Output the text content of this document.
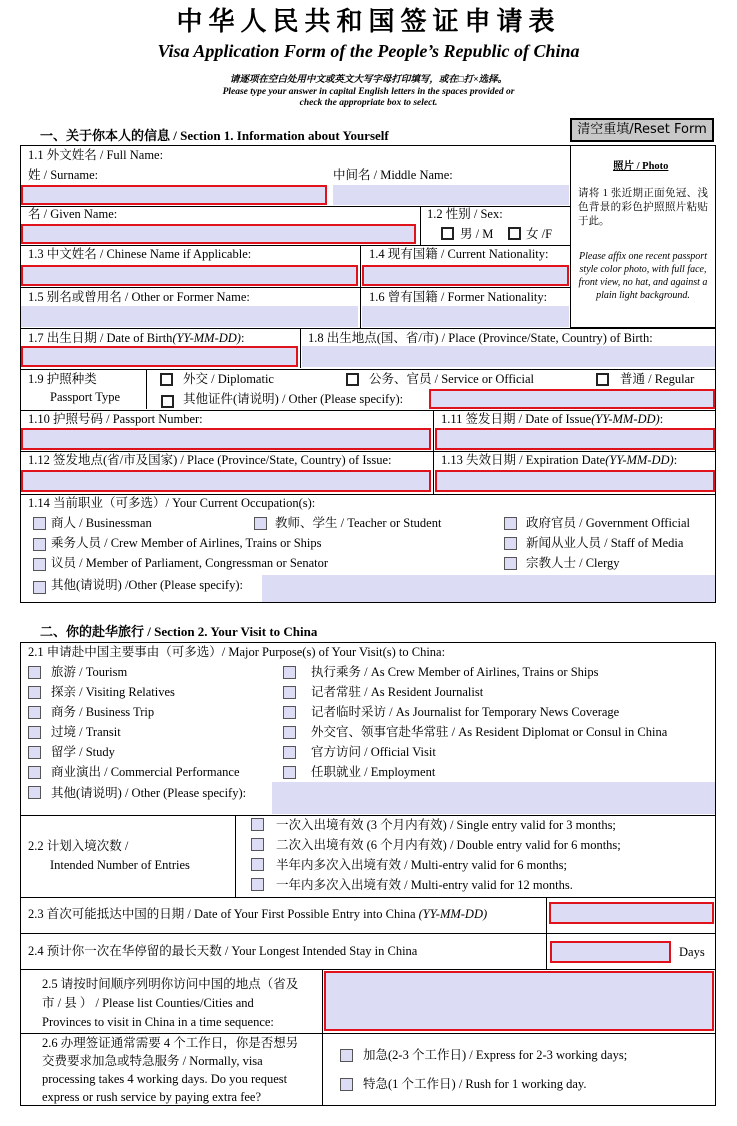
中华人民共和国签证申请表
Visa Application Form of the People’s Republic of China
请逐项在空白处用中文或英文大写字母打印填写，或在□打×选择。
Please type your answer in capital English letters in the spaces provided or
check the appropriate box to select.
一、关于你本人的信息 / Section 1. Information about Yourself	清空重填/Reset Form
照片 / Photo
请将 1 张近期正面免冠、浅色背景的彩色护照照片粘贴于此。
Please affix one recent passport style color photo, with full face, front view, no hat, and against a plain light background.
1.1 外文姓名 / Full Name:
姓 / Surname:	中间名 / Middle Name:
名 / Given Name:	1.2 性别 / Sex:
男 / M	女 /F
1.3 中文姓名 / Chinese Name if Applicable:	1.4 现有国籍 / Current Nationality:
1.5 别名或曾用名 / Other or Former Name:	1.6 曾有国籍 / Former Nationality:
1.7 出生日期 / Date of Birth(YY-MM-DD):	1.8 出生地点(国、省/市) / Place (Province/State, Country) of Birth:
1.9 护照种类
Passport Type
外交 / Diplomatic	公务、官员 / Service or Official	普通 / Regular
其他证件(请说明) / Other (Please specify):
1.10 护照号码 / Passport Number:	1.11 签发日期 / Date of Issue(YY-MM-DD):
1.12 签发地点(省/市及国家) / Place (Province/State, Country) of Issue:	1.13 失效日期 / Expiration Date(YY-MM-DD):
1.14 当前职业（可多选）/ Your Current Occupation(s):
商人 / Businessman	教师、学生 / Teacher or Student	政府官员 / Government Official
乘务人员 / Crew Member of Airlines, Trains or Ships	新闻从业人员 / Staff of Media
议员 / Member of Parliament, Congressman or Senator	宗教人士 / Clergy
其他(请说明) /Other (Please specify):
二、你的赴华旅行 / Section 2. Your Visit to China
2.1 申请赴中国主要事由（可多选）/ Major Purpose(s) of Your Visit(s) to China:
旅游 / Tourism
探亲 / Visiting Relatives
商务 / Business Trip
过境 / Transit
留学 / Study
商业演出 / Commercial Performance
其他(请说明) / Other (Please specify):
执行乘务 / As Crew Member of Airlines, Trains or Ships
记者常驻 / As Resident Journalist
记者临时采访 / As Journalist for Temporary News Coverage
外交官、领事官赴华常驻 / As Resident Diplomat or Consul in China
官方访问 / Official Visit
任职就业 / Employment
2.2 计划入境次数 /
Intended Number of Entries
一次入出境有效 (3 个月内有效) / Single entry valid for 3 months;
二次入出境有效 (6 个月内有效) / Double entry valid for 6 months;
半年内多次入出境有效 / Multi-entry valid for 6 months;
一年内多次入出境有效 / Multi-entry valid for 12 months.
2.3 首次可能抵达中国的日期 / Date of Your First Possible Entry into China (YY-MM-DD)
2.4 预计你一次在华停留的最长天数 / Your Longest Intended Stay in China	Days
2.5 请按时间顺序列明你访问中国的地点（省及
市 / 县 ） / Please list Counties/Cities and
Provinces to visit in China in a time sequence:
2.6 办理签证通常需要 4 个工作日，你是否想另
交费要求加急或特急服务 / Normally, visa
processing takes 4 working days. Do you request
express or rush service by paying extra fee?
加急(2-3 个工作日) / Express for 2-3 working days;
特急(1 个工作日) / Rush for 1 working day.
